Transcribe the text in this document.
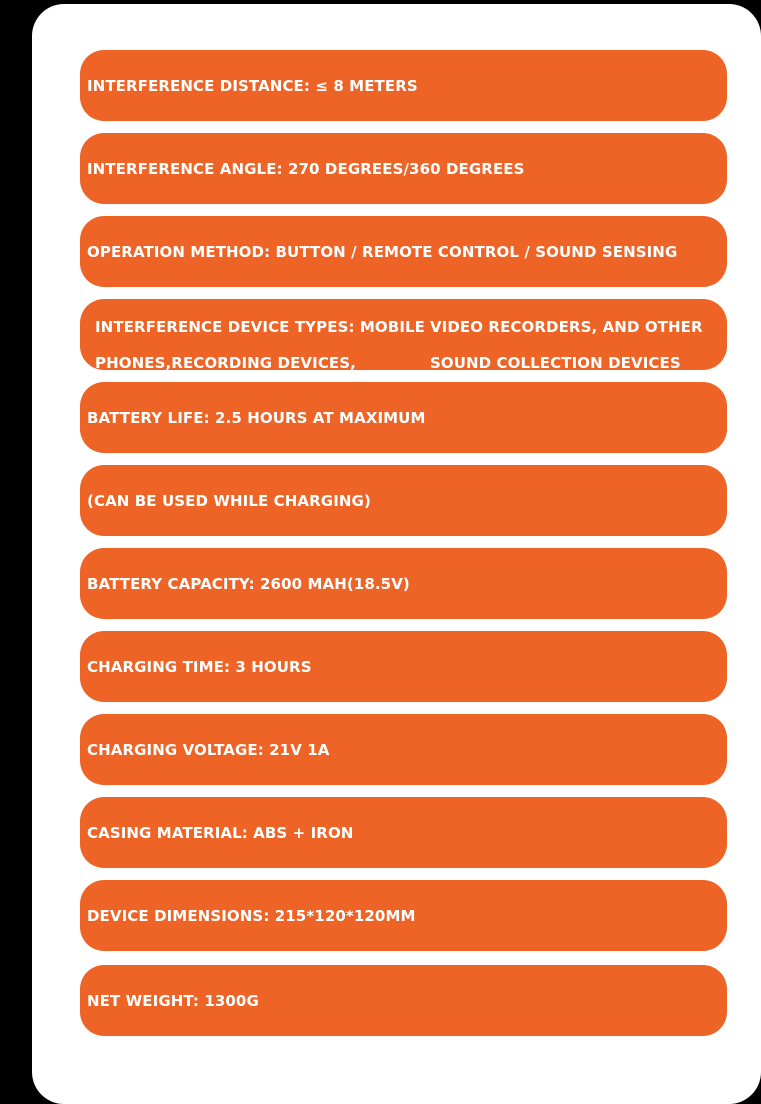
INTERFERENCE DISTANCE: ≤ 8 METERS
INTERFERENCE ANGLE: 270 DEGREES/360 DEGREES
OPERATION METHOD: BUTTON / REMOTE CONTROL / SOUND SENSING
INTERFERENCE DEVICE TYPES: MOBILE PHONES,RECORDING DEVICES,
VIDEO RECORDERS, AND OTHER SOUND COLLECTION DEVICES
BATTERY LIFE: 2.5 HOURS AT MAXIMUM
(CAN BE USED WHILE CHARGING)
BATTERY CAPACITY: 2600 MAH(18.5V)
CHARGING TIME: 3 HOURS
CHARGING VOLTAGE: 21V 1A
CASING MATERIAL: ABS + IRON
DEVICE DIMENSIONS: 215*120*120MM
NET WEIGHT: 1300G
